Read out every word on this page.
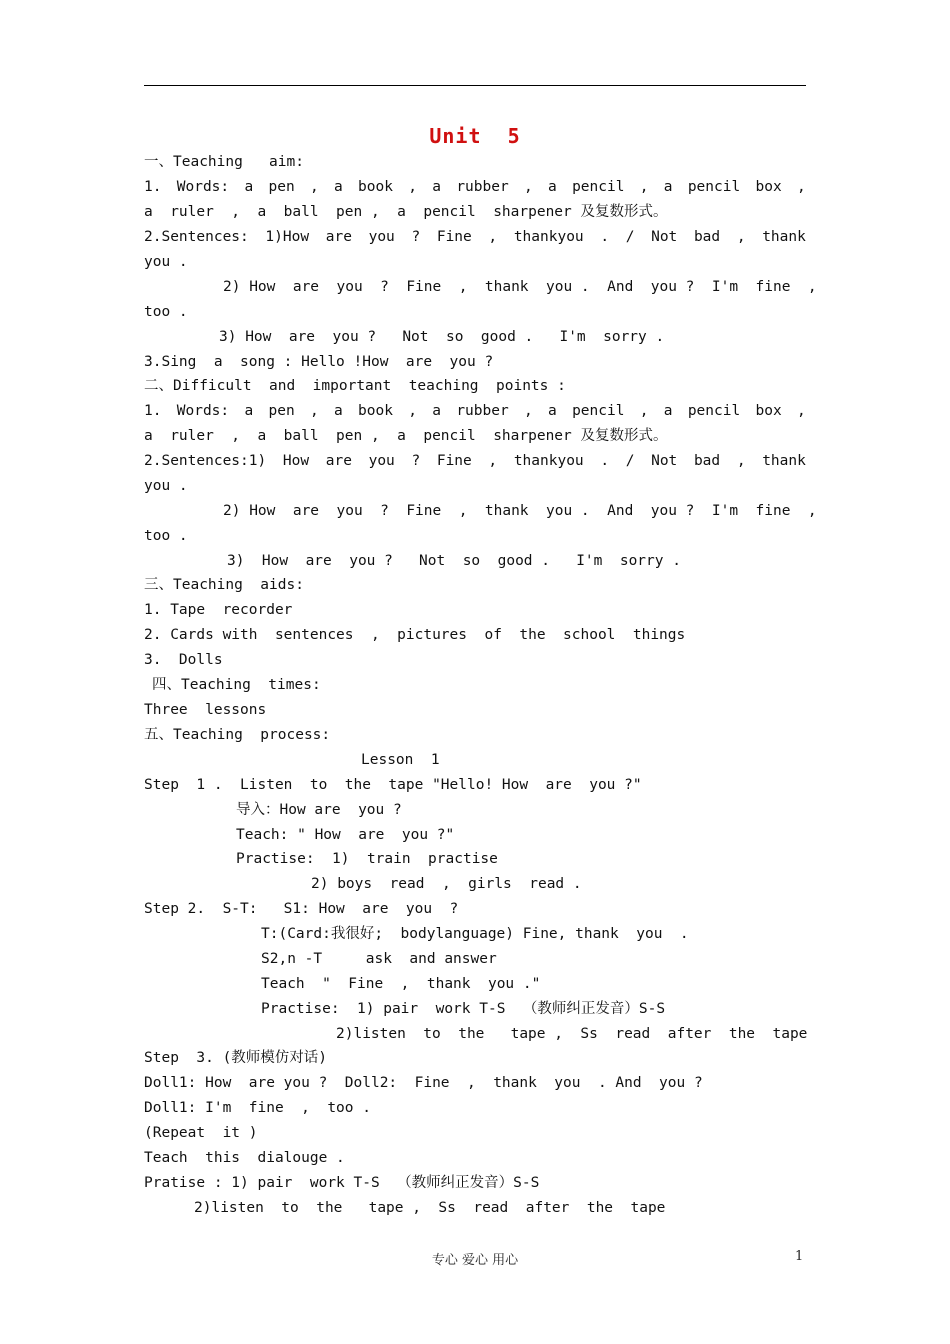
Unit  5
一、Teaching   aim:
1. Words: a pen , a book , a rubber , a pencil , a pencil box ,
a  ruler  ,  a  ball  pen ,  a  pencil  sharpener 及复数形式。
2.Sentences: 1)How are you ? Fine , thankyou . / Not bad , thank
you .
2) How  are  you  ?  Fine  ,  thank  you .  And  you ?  I'm  fine  ,
too .
3) How  are  you ?   Not  so  good .   I'm  sorry .
3.Sing  a  song : Hello !How  are  you ?
二、Difficult  and  important  teaching  points :
1. Words: a pen , a book , a rubber , a pencil , a pencil box ,
a  ruler  ,  a  ball  pen ,  a  pencil  sharpener 及复数形式。
2.Sentences:1) How are you ? Fine , thankyou . / Not bad , thank
you .
2) How  are  you  ?  Fine  ,  thank  you .  And  you ?  I'm  fine  ,
too .
3)  How  are  you ?   Not  so  good .   I'm  sorry .
三、Teaching  aids:
1. Tape  recorder
2. Cards with  sentences  ,  pictures  of  the  school  things
3.  Dolls
四、Teaching  times:
Three  lessons
五、Teaching  process:
Lesson  1
Step  1 .  Listen  to  the  tape "Hello! How  are  you ?"
导入：How are  you ?
Teach: " How  are  you ?"
Practise:  1)  train  practise
2) boys  read  ,  girls  read .
Step 2.  S-T:   S1: How  are  you  ?
T:(Card:我很好;  bodylanguage) Fine, thank  you  .
S2,n -T     ask  and answer
Teach  "  Fine  ,  thank  you ."
Practise:  1) pair  work T-S  （教师纠正发音）S-S
2)listen  to  the   tape ,  Ss  read  after  the  tape
Step  3. (教师模仿对话)
Doll1: How  are you ?  Doll2:  Fine  ,  thank  you  . And  you ?
Doll1: I'm  fine  ,  too .
(Repeat  it )
Teach  this  dialouge .
Pratise : 1) pair  work T-S  （教师纠正发音）S-S
2)listen  to  the   tape ,  Ss  read  after  the  tape
专心 爱心 用心	1
